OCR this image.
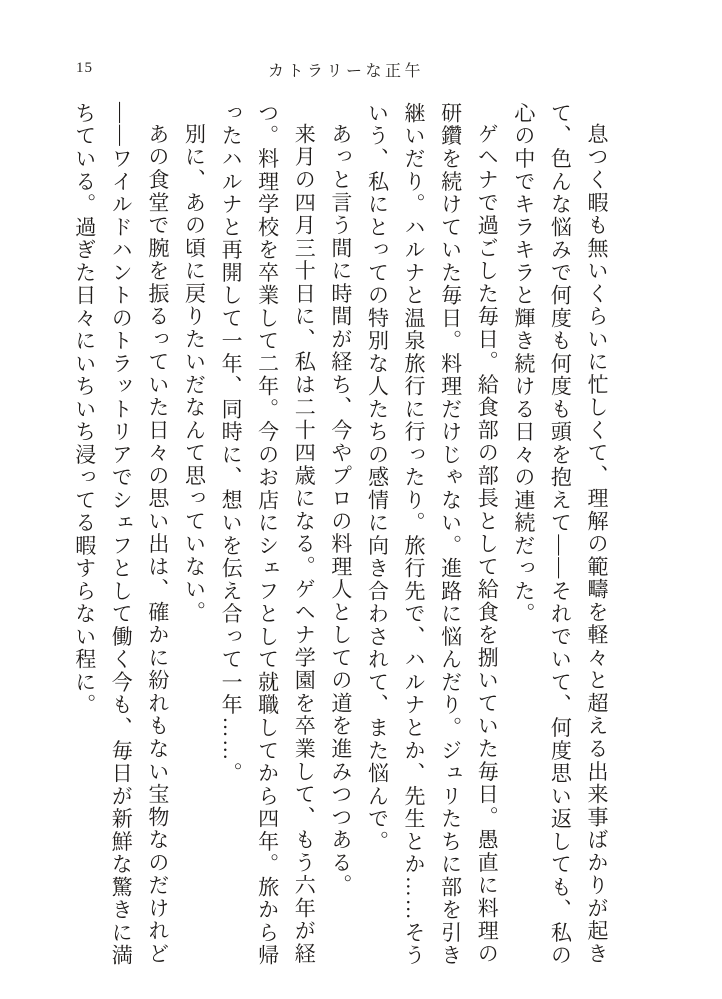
15	カトラリーな正午

息つく暇も無いくらいに忙しくて、理解の範疇を軽々と超える出来事ばかりが起きて、色んな悩みで何度も何度も頭を抱えて——それでいて、何度思い返しても、私の心の中でキラキラと輝き続ける日々の連続だった。

ゲヘナで過ごした毎日。給食部の部長として給食を捌いていた毎日。愚直に料理の研鑽を続けていた毎日。料理だけじゃない。進路に悩んだり。ジュリたちに部を引き継いだり。ハルナと温泉旅行に行ったり。旅行先で、ハルナとか、先生とか……そういう、私にとっての特別な人たちの感情に向き合わされて、また悩んで。

あっと言う間に時間が経ち、今やプロの料理人としての道を進みつつある。

来月の四月三十日に、私は二十四歳になる。ゲヘナ学園を卒業して、もう六年が経つ。料理学校を卒業して二年。今のお店にシェフとして就職してから四年。旅から帰ったハルナと再開して一年、同時に、想いを伝え合って一年……。

別に、あの頃に戻りたいだなんて思っていない。

あの食堂で腕を振るっていた日々の思い出は、確かに紛れもない宝物なのだけれど——ワイルドハントのトラットリアでシェフとして働く今も、毎日が新鮮な驚きに満ちている。過ぎた日々にいちいち浸ってる暇すらない程に。
